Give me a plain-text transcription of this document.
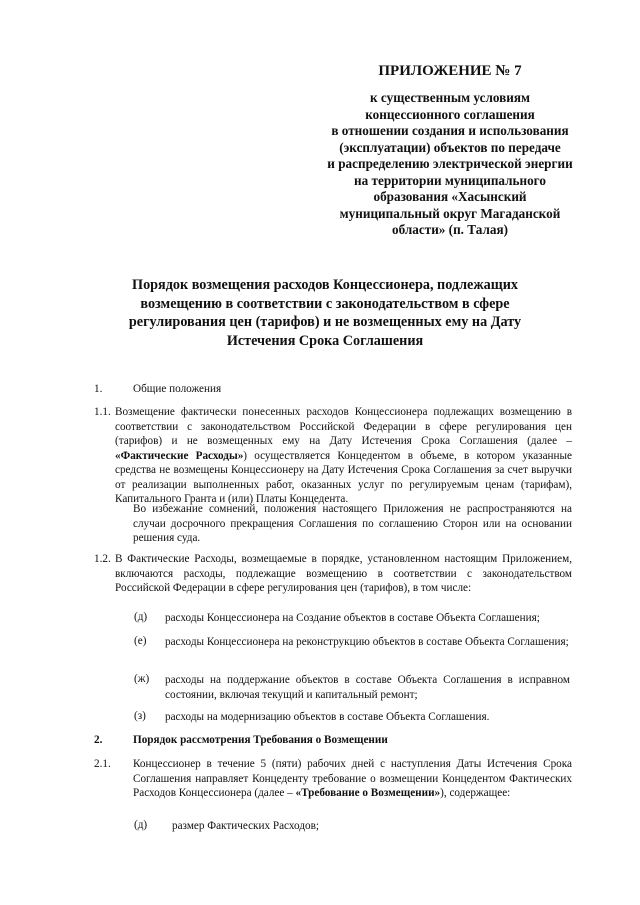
ПРИЛОЖЕНИЕ № 7
к существенным условиям
концессионного соглашения
в отношении создания и использования
(эксплуатации) объектов по передаче
и распределению электрической энергии
на территории муниципального
образования «Хасынский
муниципальный округ Магаданской
области» (п. Талая)
Порядок возмещения расходов Концессионера, подлежащих
возмещению в соответствии с законодательством в сфере
регулирования цен (тарифов) и не возмещенных ему на Дату
Истечения Срока Соглашения
1.	Общие положения
1.1. Возмещение фактически понесенных расходов Концессионера подлежащих возмещению в соответствии с законодательством Российской Федерации в сфере регулирования цен (тарифов) и не возмещенных ему на Дату Истечения Срока Соглашения (далее – «Фактические Расходы») осуществляется Концедентом в объеме, в котором указанные средства не возмещены Концессионеру на Дату Истечения Срока Соглашения за счет выручки от реализации выполненных работ, оказанных услуг по регулируемым ценам (тарифам), Капитального Гранта и (или) Платы Концедента.
Во избежание сомнений, положения настоящего Приложения не распространяются на случаи досрочного прекращения Соглашения по соглашению Сторон или на основании решения суда.
1.2. В Фактические Расходы, возмещаемые в порядке, установленном настоящим Приложением, включаются расходы, подлежащие возмещению в соответствии с законодательством Российской Федерации в сфере регулирования цен (тарифов), в том числе:
(д) расходы Концессионера на Создание объектов в составе Объекта Соглашения;
(е) расходы Концессионера на реконструкцию объектов в составе Объекта Соглашения;
(ж) расходы на поддержание объектов в составе Объекта Соглашения в исправном состоянии, включая текущий и капитальный ремонт;
(з) расходы на модернизацию объектов в составе Объекта Соглашения.
2.	Порядок рассмотрения Требования о Возмещении
2.1. Концессионер в течение 5 (пяти) рабочих дней с наступления Даты Истечения Срока Соглашения направляет Концеденту требование о возмещении Концедентом Фактических Расходов Концессионера (далее – «Требование о Возмещении»), содержащее:
(д) размер Фактических Расходов;
